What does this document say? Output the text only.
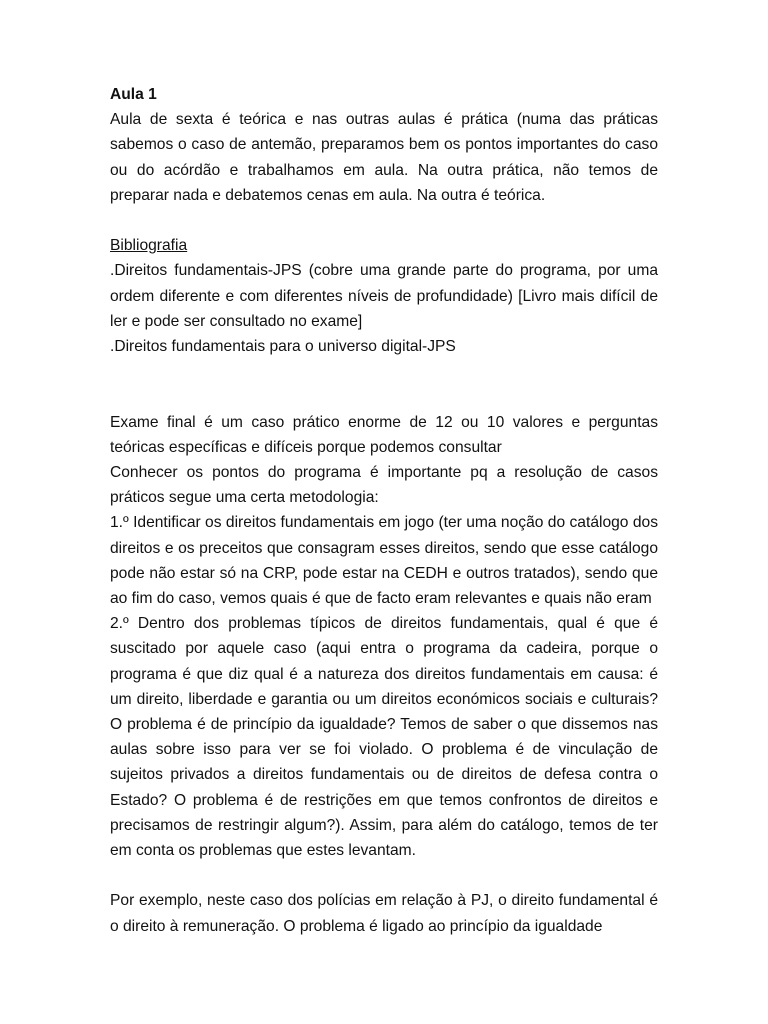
Aula 1

Aula de sexta é teórica e nas outras aulas é prática (numa das práticas sabemos o caso de antemão, preparamos bem os pontos importantes do caso ou do acórdão e trabalhamos em aula. Na outra prática, não temos de preparar nada e debatemos cenas em aula. Na outra é teórica.

Bibliografia

.Direitos fundamentais-JPS (cobre uma grande parte do programa, por uma ordem diferente e com diferentes níveis de profundidade) [Livro mais difícil de ler e pode ser consultado no exame]

.Direitos fundamentais para o universo digital-JPS

Exame final é um caso prático enorme de 12 ou 10 valores e perguntas teóricas específicas e difíceis porque podemos consultar

Conhecer os pontos do programa é importante pq a resolução de casos práticos segue uma certa metodologia:

1.º Identificar os direitos fundamentais em jogo (ter uma noção do catálogo dos direitos e os preceitos que consagram esses direitos, sendo que esse catálogo pode não estar só na CRP, pode estar na CEDH e outros tratados), sendo que ao fim do caso, vemos quais é que de facto eram relevantes e quais não eram

2.º Dentro dos problemas típicos de direitos fundamentais, qual é que é suscitado por aquele caso (aqui entra o programa da cadeira, porque o programa é que diz qual é a natureza dos direitos fundamentais em causa: é um direito, liberdade e garantia ou um direitos económicos sociais e culturais? O problema é de princípio da igualdade? Temos de saber o que dissemos nas aulas sobre isso para ver se foi violado. O problema é de vinculação de sujeitos privados a direitos fundamentais ou de direitos de defesa contra o Estado? O problema é de restrições em que temos confrontos de direitos e precisamos de restringir algum?). Assim, para além do catálogo, temos de ter em conta os problemas que estes levantam.

Por exemplo, neste caso dos polícias em relação à PJ, o direito fundamental é o direito à remuneração. O problema é ligado ao princípio da igualdade
